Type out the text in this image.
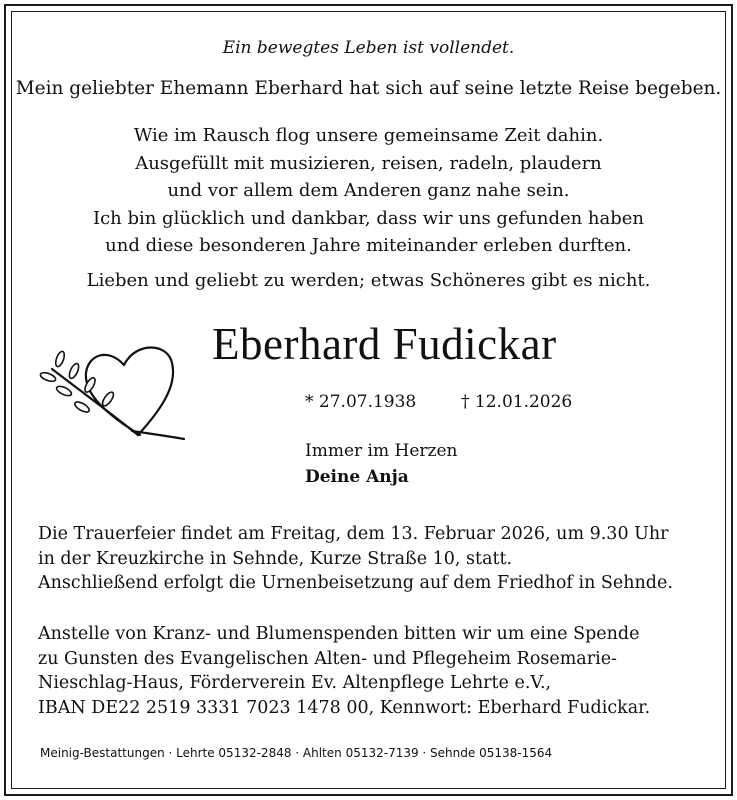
Ein bewegtes Leben ist vollendet.
Mein geliebter Ehemann Eberhard hat sich auf seine letzte Reise begeben.
Wie im Rausch flog unsere gemeinsame Zeit dahin.
Ausgefüllt mit musizieren, reisen, radeln, plaudern
und vor allem dem Anderen ganz nahe sein.
Ich bin glücklich und dankbar, dass wir uns gefunden haben
und diese besonderen Jahre miteinander erleben durften.
Lieben und geliebt zu werden; etwas Schöneres gibt es nicht.
Eberhard Fudickar
* 27.07.1938	† 12.01.2026
Immer im Herzen
Deine Anja
Die Trauerfeier findet am Freitag, dem 13. Februar 2026, um 9.30 Uhr
in der Kreuzkirche in Sehnde, Kurze Straße 10, statt.
Anschließend erfolgt die Urnenbeisetzung auf dem Friedhof in Sehnde.
Anstelle von Kranz- und Blumenspenden bitten wir um eine Spende
zu Gunsten des Evangelischen Alten- und Pflegeheim Rosemarie-
Nieschlag-Haus, Förderverein Ev. Altenpflege Lehrte e.V.,
IBAN DE22 2519 3331 7023 1478 00, Kennwort: Eberhard Fudickar.
Meinig-Bestattungen · Lehrte 05132-2848 · Ahlten 05132-7139 · Sehnde 05138-1564
